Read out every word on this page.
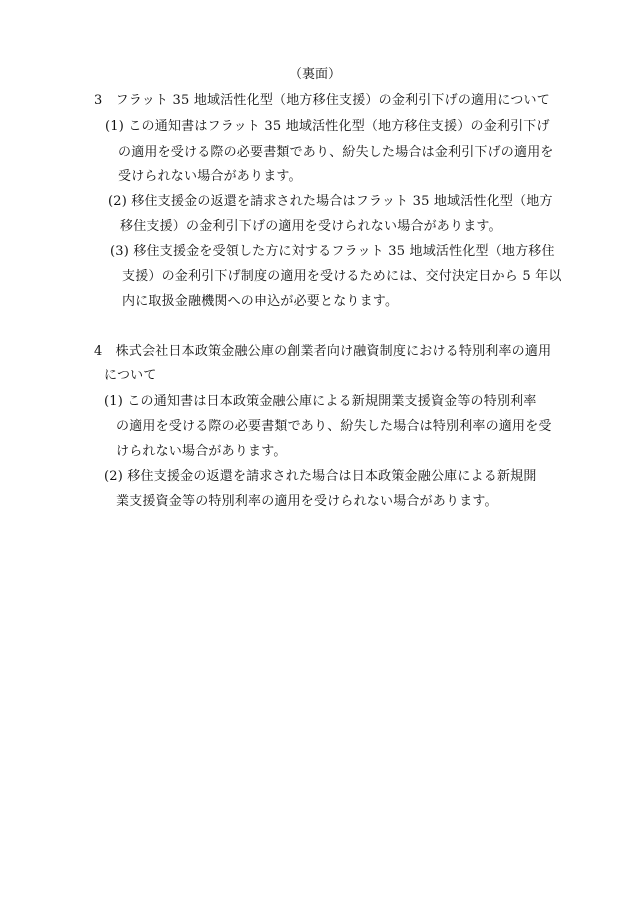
（裏面）
3　フラット 35 地域活性化型（地方移住支援）の金利引下げの適用について
(1) この通知書はフラット 35 地域活性化型（地方移住支援）の金利引下げ
の適用を受ける際の必要書類であり、紛失した場合は金利引下げの適用を
受けられない場合があります。
(2) 移住支援金の返還を請求された場合はフラット 35 地域活性化型（地方
移住支援）の金利引下げの適用を受けられない場合があります。
(3) 移住支援金を受領した方に対するフラット 35 地域活性化型（地方移住
支援）の金利引下げ制度の適用を受けるためには、交付決定日から 5 年以
内に取扱金融機関への申込が必要となります。
4　株式会社日本政策金融公庫の創業者向け融資制度における特別利率の適用
について
(1) この通知書は日本政策金融公庫による新規開業支援資金等の特別利率
の適用を受ける際の必要書類であり、紛失した場合は特別利率の適用を受
けられない場合があります。
(2) 移住支援金の返還を請求された場合は日本政策金融公庫による新規開
業支援資金等の特別利率の適用を受けられない場合があります。
